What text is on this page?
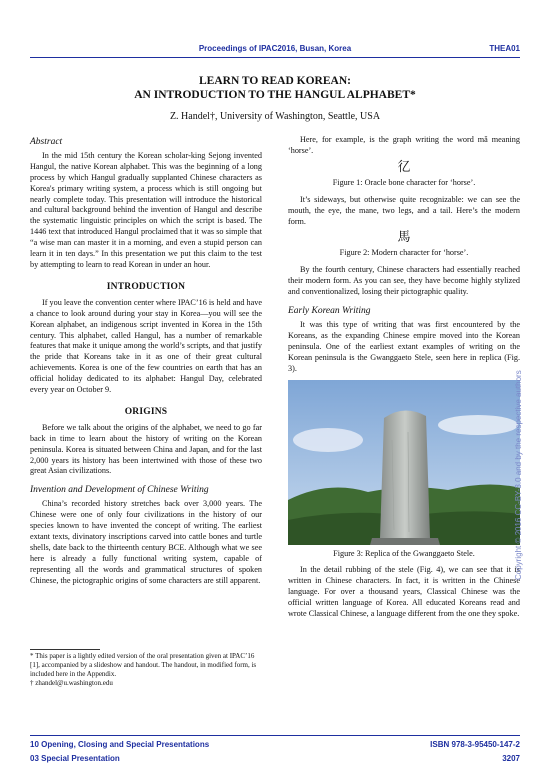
Proceedings of IPAC2016, Busan, Korea	THEA01
LEARN TO READ KOREAN:
AN INTRODUCTION TO THE HANGUL ALPHABET*
Z. Handel†, University of Washington, Seattle, USA
Abstract

In the mid 15th century the Korean scholar-king Sejong invented Hangul, the native Korean alphabet. This was the beginning of a long process by which Hangul gradually supplanted Chinese characters as Korea's primary writing system, a process which is still ongoing but nearly complete today. This presentation will introduce the historical and cultural background behind the invention of Hangul and describe the systematic linguistic principles on which the script is based. The 1446 text that introduced Hangul proclaimed that it was so simple that “a wise man can master it in a morning, and even a stupid person can learn it in ten days.” In this presentation we put this claim to the test by attempting to learn to read Korean in under an hour.

INTRODUCTION

If you leave the convention center where IPAC’16 is held and have a chance to look around during your stay in Korea—you will see the Korean alphabet, an indigenous script invented in Korea in the 15th century. This alphabet, called Hangul, has a number of remarkable features that make it unique among the world’s scripts, and that justify the pride that Koreans take in it as one of their great cultural achievements. Korea is one of the few countries on earth that has an official holiday dedicated to its alphabet: Hangul Day, celebrated every year on October 9.

ORIGINS

Before we talk about the origins of the alphabet, we need to go far back in time to learn about the history of writing on the Korean peninsula. Korea is situated between China and Japan, and for the last 2,000 years its history has been intertwined with those of these two great Asian civilizations.

Invention and Development of Chinese Writing

China’s recorded history stretches back over 3,000 years. The Chinese were one of only four civilizations in the history of our species known to have invented the concept of writing. The earliest extant texts, divinatory inscriptions carved into cattle bones and turtle shells, date back to the thirteenth century BCE. Although what we see here is already a fully functional writing system, capable of representing all the words and grammatical structures of spoken Chinese, the pictographic origins of some characters are still apparent.

* This paper is a lightly edited version of the oral presentation given at IPAC’16 [1], accompanied by a slideshow and handout. The handout, in modified form, is included here in the Appendix.
† zhandel@u.washington.edu

Here, for example, is the graph writing the word mǎ meaning ‘horse’.

𢒼
Figure 1: Oracle bone character for ‘horse’.

It’s sideways, but otherwise quite recognizable: we can see the mouth, the eye, the mane, two legs, and a tail. Here’s the modern form.

馬
Figure 2: Modern character for ‘horse’.

By the fourth century, Chinese characters had essentially reached their modern form. As you can see, they have become highly stylized and conventionalized, losing their pictographic quality.

Early Korean Writing

It was this type of writing that was first encountered by the Koreans, as the expanding Chinese empire moved into the Korean peninsula. One of the earliest extant examples of writing on the Korean peninsula is the Gwanggaeto Stele, seen here in replica (Fig. 3).

Figure 3: Replica of the Gwanggaeto Stele.

In the detail rubbing of the stele (Fig. 4), we can see that it is written in Chinese characters. In fact, it is written in the Chinese language. For over a thousand years, Classical Chinese was the official written language of Korea. All educated Koreans read and wrote Classical Chinese, a language different from the one they spoke.

Copyright © 2016 CC-BY-3.0 and by the respective authors
10 Opening, Closing and Special Presentations	ISBN 978-3-95450-147-2
03 Special Presentation	3207
